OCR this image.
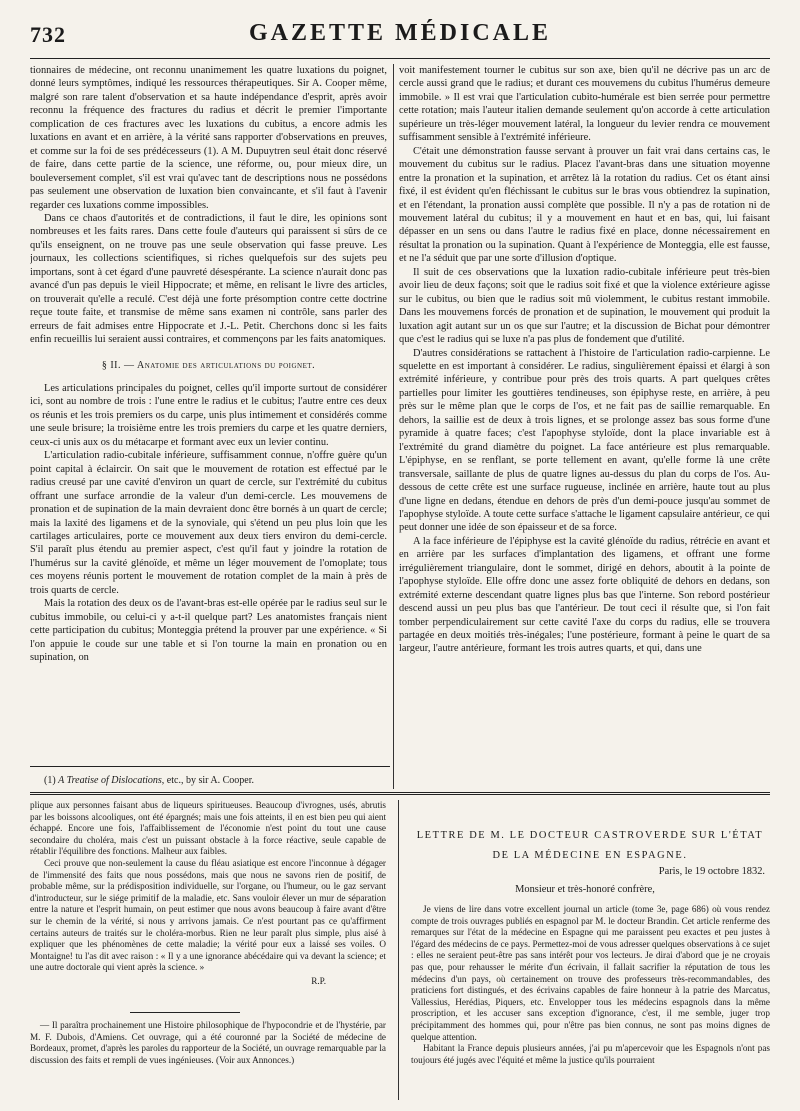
732	GAZETTE MÉDICALE

tionnaires de médecine, ont reconnu unanimement les quatre luxations du poignet, donné leurs symptômes, indiqué les ressources thérapeutiques. Sir A. Cooper même, malgré son rare talent d'observation et sa haute indépendance d'esprit, après avoir reconnu la fréquence des fractures du radius et décrit le premier l'importante complication de ces fractures avec les luxations du cubitus, a encore admis les luxations en avant et en arrière, à la vérité sans rapporter d'observations en preuves, et comme sur la foi de ses prédécesseurs (1). A M. Dupuytren seul était donc réservé de faire, dans cette partie de la science, une réforme, ou, pour mieux dire, un bouleversement complet, s'il est vrai qu'avec tant de descriptions nous ne possédons pas seulement une observation de luxation bien convaincante, et s'il faut à l'avenir regarder ces luxations comme impossibles.

Dans ce chaos d'autorités et de contradictions, il faut le dire, les opinions sont nombreuses et les faits rares. Dans cette foule d'auteurs qui paraissent si sûrs de ce qu'ils enseignent, on ne trouve pas une seule observation qui fasse preuve. Les journaux, les collections scientifiques, si riches quelquefois sur des sujets peu importans, sont à cet égard d'une pauvreté désespérante. La science n'aurait donc pas avancé d'un pas depuis le vieil Hippocrate; et même, en relisant le livre des articles, on trouverait qu'elle a reculé. C'est déjà une forte présomption contre cette doctrine reçue toute faite, et transmise de même sans examen ni contrôle, sans parler des erreurs de fait admises entre Hippocrate et J.-L. Petit. Cherchons donc si les faits enfin recueillis lui seraient aussi contraires, et commençons par les faits anatomiques.

§ II. — Anatomie des articulations du poignet.

Les articulations principales du poignet, celles qu'il importe surtout de considérer ici, sont au nombre de trois : l'une entre le radius et le cubitus; l'autre entre ces deux os réunis et les trois premiers os du carpe, unis plus intimement et considérés comme une seule brisure; la troisième entre les trois premiers du carpe et les quatre derniers, ceux-ci unis aux os du métacarpe et formant avec eux un levier continu.

L'articulation radio-cubitale inférieure, suffisamment connue, n'offre guère qu'un point capital à éclaircir. On sait que le mouvement de rotation est effectué par le radius creusé par une cavité d'environ un quart de cercle, sur l'extrémité du cubitus offrant une surface arrondie de la valeur d'un demi-cercle. Les mouvemens de pronation et de supination de la main devraient donc être bornés à un quart de cercle; mais la laxité des ligamens et de la synoviale, qui s'étend un peu plus loin que les cartilages articulaires, porte ce mouvement aux deux tiers environ du demi-cercle. S'il paraît plus étendu au premier aspect, c'est qu'il faut y joindre la rotation de l'humérus sur la cavité glénoïde, et même un léger mouvement de l'omoplate; tous ces moyens réunis portent le mouvement de rotation complet de la main à près de trois quarts de cercle.

Mais la rotation des deux os de l'avant-bras est-elle opérée par le radius seul sur le cubitus immobile, ou celui-ci y a-t-il quelque part? Les anatomistes français nient cette participation du cubitus; Monteggia prétend la prouver par une expérience. « Si l'on appuie le coude sur une table et si l'on tourne la main en pronation ou en supination, on

voit manifestement tourner le cubitus sur son axe, bien qu'il ne décrive pas un arc de cercle aussi grand que le radius; et durant ces mouvemens du cubitus l'humérus demeure immobile. » Il est vrai que l'articulation cubito-humérale est bien serrée pour permettre cette rotation; mais l'auteur italien demande seulement qu'on accorde à cette articulation supérieure un très-léger mouvement latéral, la longueur du levier rendra ce mouvement suffisamment sensible à l'extrémité inférieure.

C'était une démonstration fausse servant à prouver un fait vrai dans certains cas, le mouvement du cubitus sur le radius. Placez l'avant-bras dans une situation moyenne entre la pronation et la supination, et arrêtez là la rotation du radius. Cet os étant ainsi fixé, il est évident qu'en fléchissant le cubitus sur le bras vous obtiendrez la supination, et en l'étendant, la pronation aussi complète que possible. Il n'y a pas de rotation ni de mouvement latéral du cubitus; il y a mouvement en haut et en bas, qui, lui faisant dépasser en un sens ou dans l'autre le radius fixé en place, donne nécessairement en résultat la pronation ou la supination. Quant à l'expérience de Monteggia, elle est fausse, et ne l'a séduit que par une sorte d'illusion d'optique.

Il suit de ces observations que la luxation radio-cubitale inférieure peut très-bien avoir lieu de deux façons; soit que le radius soit fixé et que la violence extérieure agisse sur le cubitus, ou bien que le radius soit mû violemment, le cubitus restant immobile. Dans les mouvemens forcés de pronation et de supination, le mouvement qui produit la luxation agit autant sur un os que sur l'autre; et la discussion de Bichat pour démontrer que c'est le radius qui se luxe n'a pas plus de fondement que d'utilité.

D'autres considérations se rattachent à l'histoire de l'articulation radio-carpienne. Le squelette en est important à considérer. Le radius, singulièrement épaissi et élargi à son extrémité inférieure, y contribue pour près des trois quarts. A part quelques crêtes partielles pour limiter les gouttières tendineuses, son épiphyse reste, en arrière, à peu près sur le même plan que le corps de l'os, et ne fait pas de saillie remarquable. En dehors, la saillie est de deux à trois lignes, et se prolonge assez bas sous forme d'une pyramide à quatre faces; c'est l'apophyse styloïde, dont la place invariable est à l'extrémité du grand diamètre du poignet. La face antérieure est plus remarquable. L'épiphyse, en se renflant, se porte tellement en avant, qu'elle forme là une crête transversale, saillante de plus de quatre lignes au-dessus du plan du corps de l'os. Au-dessous de cette crête est une surface rugueuse, inclinée en arrière, haute tout au plus d'une ligne en dedans, étendue en dehors de près d'un demi-pouce jusqu'au sommet de l'apophyse styloïde. A toute cette surface s'attache le ligament capsulaire antérieur, ce qui peut donner une idée de son épaisseur et de sa force.

A la face inférieure de l'épiphyse est la cavité glénoïde du radius, rétrécie en avant et en arrière par les surfaces d'implantation des ligamens, et offrant une forme irrégulièrement triangulaire, dont le sommet, dirigé en dehors, aboutit à la pointe de l'apophyse styloïde. Elle offre donc une assez forte obliquité de dehors en dedans, son extrémité externe descendant quatre lignes plus bas que l'interne. Son rebord postérieur descend aussi un peu plus bas que l'antérieur. De tout ceci il résulte que, si l'on fait tomber perpendiculairement sur cette cavité l'axe du corps du radius, elle se trouvera partagée en deux moitiés très-inégales; l'une postérieure, formant à peine le quart de sa largeur, l'autre antérieure, formant les trois autres quarts, et qui, dans une

(1) A Treatise of Dislocations, etc., by sir A. Cooper.

plique aux personnes faisant abus de liqueurs spiritueuses. Beaucoup d'ivrognes, usés, abrutis par les boissons alcooliques, ont été épargnés; mais une fois atteints, il en est bien peu qui aient échappé. Encore une fois, l'affaiblissement de l'économie n'est point du tout une cause secondaire du choléra, mais c'est un puissant obstacle à la force réactive, seule capable de rétablir l'équilibre des fonctions. Malheur aux faibles.

Ceci prouve que non-seulement la cause du fléau asiatique est encore l'inconnue à dégager de l'immensité des faits que nous possédons, mais que nous ne savons rien de positif, de probable même, sur la prédisposition individuelle, sur l'organe, ou l'humeur, ou le gaz servant d'introducteur, sur le siége primitif de la maladie, etc. Sans vouloir élever un mur de séparation entre la nature et l'esprit humain, on peut estimer que nous avons beaucoup à faire avant d'être sur le chemin de la vérité, si nous y arrivons jamais. Ce n'est pourtant pas ce qu'affirment certains auteurs de traités sur le choléra-morbus. Rien ne leur paraît plus simple, plus aisé à expliquer que les phénomènes de cette maladie; la vérité pour eux a laissé ses voiles. O Montaigne! tu l'as dit avec raison : « Il y a une ignorance abécédaire qui va devant la science; et une autre doctorale qui vient après la science. »

R.P.

— Il paraîtra prochainement une Histoire philosophique de l'hypocondrie et de l'hystérie, par M. F. Dubois, d'Amiens. Cet ouvrage, qui a été couronné par la Société de médecine de Bordeaux, promet, d'après les paroles du rapporteur de la Société, un ouvrage remarquable par la discussion des faits et rempli de vues ingénieuses. (Voir aux Annonces.)

LETTRE DE M. LE DOCTEUR CASTROVERDE SUR L'ÉTAT
DE LA MÉDECINE EN ESPAGNE.
Paris, le 19 octobre 1832.
Monsieur et très-honoré confrère,

Je viens de lire dans votre excellent journal un article (tome 3e, page 686) où vous rendez compte de trois ouvrages publiés en espagnol par M. le docteur Brandin. Cet article renferme des remarques sur l'état de la médecine en Espagne qui me paraissent peu exactes et peu justes à l'égard des médecins de ce pays. Permettez-moi de vous adresser quelques observations à ce sujet : elles ne seraient peut-être pas sans intérêt pour vos lecteurs. Je dirai d'abord que je ne croyais pas que, pour rehausser le mérite d'un écrivain, il fallait sacrifier la réputation de tous les médecins d'un pays, où certainement on trouve des professeurs très-recommandables, des praticiens fort distingués, et des écrivains capables de faire honneur à la patrie des Marcatus, Vallessius, Herédias, Piquers, etc. Envelopper tous les médecins espagnols dans la même proscription, et les accuser sans exception d'ignorance, c'est, il me semble, juger trop précipitamment des hommes qui, pour n'être pas bien connus, ne sont pas moins dignes de quelque attention.

Habitant la France depuis plusieurs années, j'ai pu m'apercevoir que les Espagnols n'ont pas toujours été jugés avec l'équité et même la justice qu'ils pourraient
